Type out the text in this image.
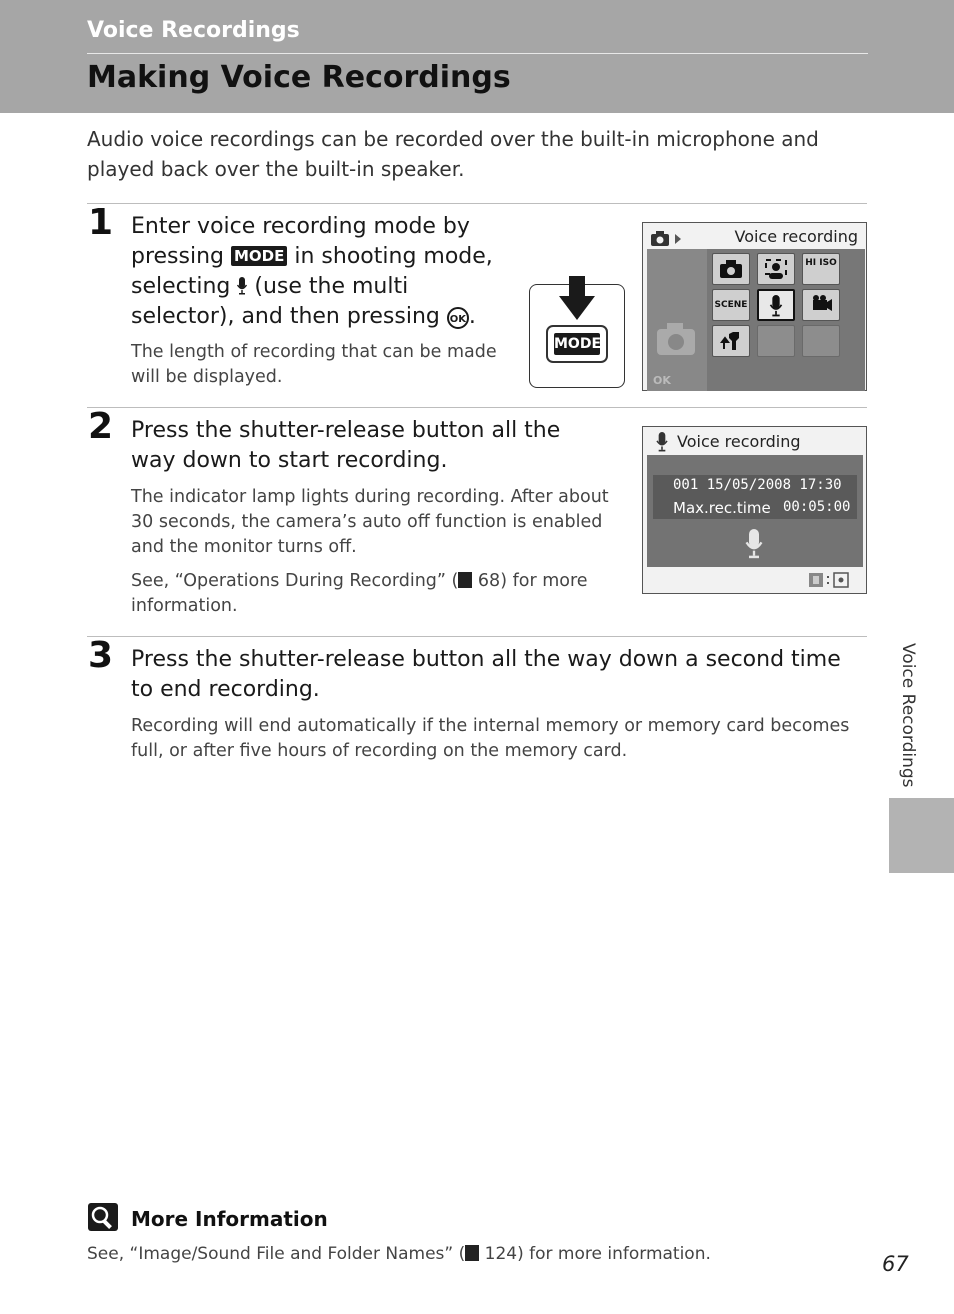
Voice Recordings
Making Voice Recordings
Audio voice recordings can be recorded over the built-in microphone and played back over the built-in speaker.
1 Enter voice recording mode by pressing MODE in shooting mode, selecting  (use the multi selector), and then pressing OK .
The length of recording that can be made will be displayed.
MODE
Voice recording
OK
HI ISO
SCENE
2 Press the shutter-release button all the way down to start recording.
The indicator lamp lights during recording. After about 30 seconds, the camera’s auto off function is enabled and the monitor turns off.
See, “Operations During Recording” ( 68) for more information.
Voice recording
001 15/05/2008 17:30
Max.rec.time 00:05:00
3 Press the shutter-release button all the way down a second time to end recording.
Recording will end automatically if the internal memory or memory card becomes full, or after five hours of recording on the memory card.	Voice Recordings
More Information
See, “Image/Sound File and Folder Names” ( 124) for more information.	67
